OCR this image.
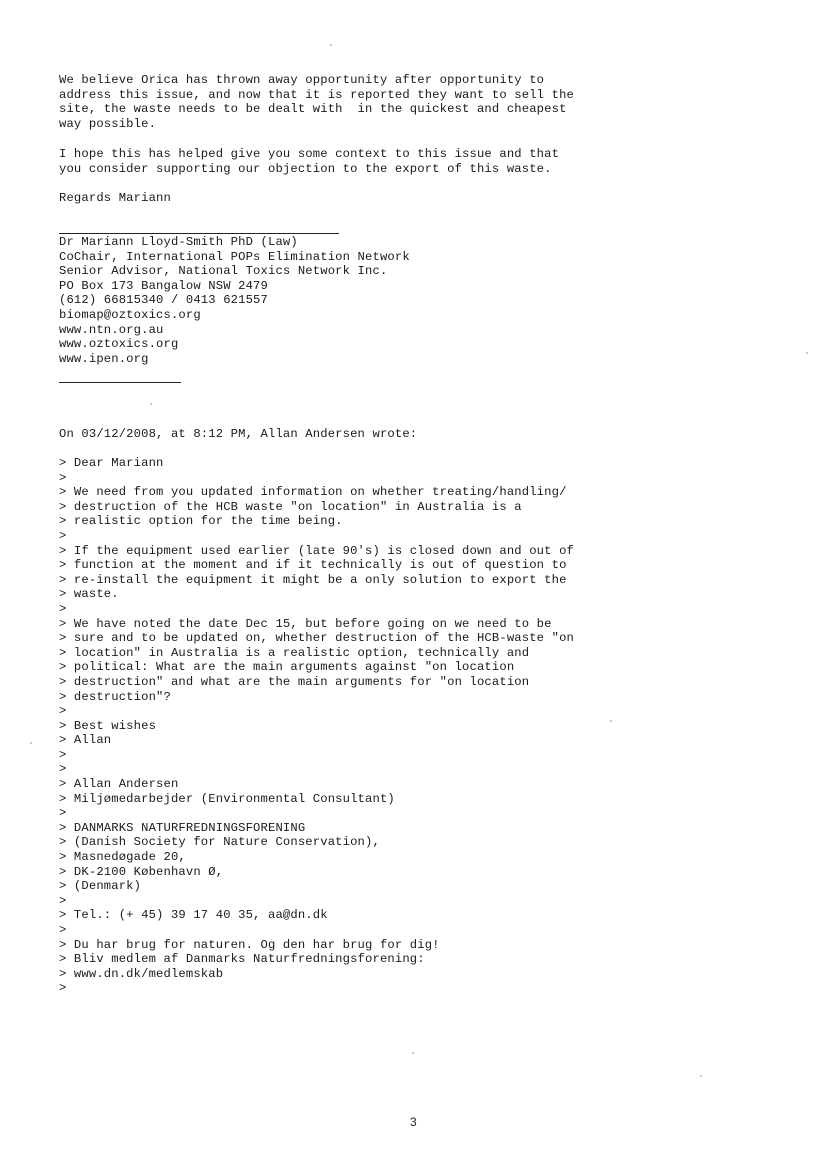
We believe Orica has thrown away opportunity after opportunity to
address this issue, and now that it is reported they want to sell the
site, the waste needs to be dealt with  in the quickest and cheapest
way possible.
I hope this has helped give you some context to this issue and that
you consider supporting our objection to the export of this waste.
Regards Mariann
Dr Mariann Lloyd-Smith PhD (Law)
CoChair, International POPs Elimination Network
Senior Advisor, National Toxics Network Inc.
PO Box 173 Bangalow NSW 2479
(612) 66815340 / 0413 621557
biomap@oztoxics.org
www.ntn.org.au
www.oztoxics.org
www.ipen.org
On 03/12/2008, at 8:12 PM, Allan Andersen wrote:
> Dear Mariann
>
> We need from you updated information on whether treating/handling/
> destruction of the HCB waste "on location" in Australia is a
> realistic option for the time being.
>
> If the equipment used earlier (late 90's) is closed down and out of
> function at the moment and if it technically is out of question to
> re-install the equipment it might be a only solution to export the
> waste.
>
> We have noted the date Dec 15, but before going on we need to be
> sure and to be updated on, whether destruction of the HCB-waste "on
> location" in Australia is a realistic option, technically and
> political: What are the main arguments against "on location
> destruction" and what are the main arguments for "on location
> destruction"?
>
> Best wishes
> Allan
>
>
> Allan Andersen
> Miljømedarbejder (Environmental Consultant)
>
> DANMARKS NATURFREDNINGSFORENING
> (Danish Society for Nature Conservation),
> Masnedøgade 20,
> DK-2100 København Ø,
> (Denmark)
>
> Tel.: (+ 45) 39 17 40 35, aa@dn.dk
>
> Du har brug for naturen. Og den har brug for dig!
> Bliv medlem af Danmarks Naturfredningsforening:
> www.dn.dk/medlemskab
>
3
